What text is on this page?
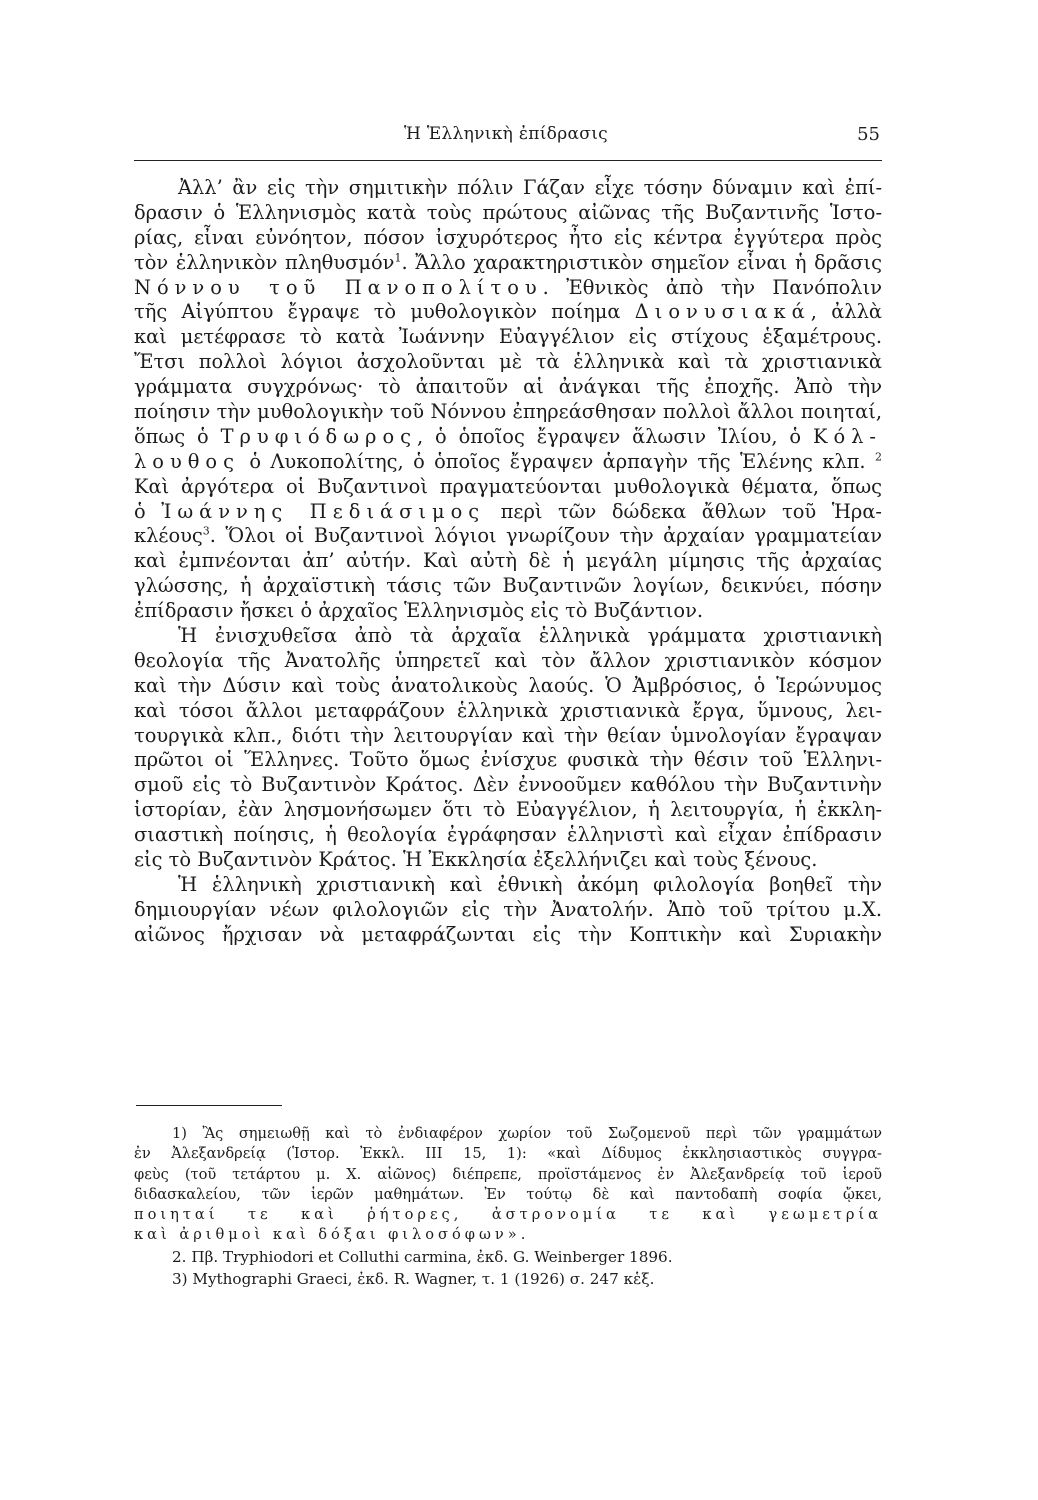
Ἡ Ἑλληνικὴ ἐπίδρασις	55
Ἀλλ’ ἂν εἰς τὴν σημιτικὴν πόλιν Γάζαν εἶχε τόσην δύναμιν καὶ ἐπί-
δρασιν ὁ Ἑλληνισμὸς κατὰ τοὺς πρώτους αἰῶνας τῆς Βυζαντινῆς Ἱστο-
ρίας, εἶναι εὐνόητον, πόσον ἰσχυρότερος ἦτο εἰς κέντρα ἐγγύτερα πρὸς
τὸν ἑλληνικὸν πληθυσμόν$^1$. Ἄλλο χαρακτηριστικὸν σημεῖον εἶναι ἡ δρᾶσις
Νόννου τοῦ Πανοπολίτου. Ἐθνικὸς ἀπὸ τὴν Πανόπολιν
τῆς Αἰγύπτου ἔγραψε τὸ μυθολογικὸν ποίημα Διονυσιακά, ἀλλὰ
καὶ μετέφρασε τὸ κατὰ Ἰωάννην Εὐαγγέλιον εἰς στίχους ἑξαμέτρους.
Ἔτσι πολλοὶ λόγιοι ἀσχολοῦνται μὲ τὰ ἑλληνικὰ καὶ τὰ χριστιανικὰ
γράμματα συγχρόνως· τὸ ἀπαιτοῦν αἱ ἀνάγκαι τῆς ἐποχῆς. Ἀπὸ τὴν
ποίησιν τὴν μυθολογικὴν τοῦ Νόννου ἐπηρεάσθησαν πολλοὶ ἄλλοι ποιηταί,
ὅπως ὁ Τρυφιόδωρος, ὁ ὁποῖος ἔγραψεν ἅλωσιν Ἰλίου, ὁ Κόλ-
λουθος ὁ Λυκοπολίτης, ὁ ὁποῖος ἔγραψεν ἁρπαγὴν τῆς Ἑλένης κλπ. $^2$
Καὶ ἀργότερα οἱ Βυζαντινοὶ πραγματεύονται μυθολογικὰ θέματα, ὅπως
ὁ Ἰωάννης Πεδιάσιμος περὶ τῶν δώδεκα ἄθλων τοῦ Ἡρα-
κλέους$^3$. Ὅλοι οἱ Βυζαντινοὶ λόγιοι γνωρίζουν τὴν ἀρχαίαν γραμματείαν
καὶ ἐμπνέονται ἀπ’ αὐτήν. Καὶ αὐτὴ δὲ ἡ μεγάλη μίμησις τῆς ἀρχαίας
γλώσσης, ἡ ἀρχαϊστικὴ τάσις τῶν Βυζαντινῶν λογίων, δεικνύει, πόσην
ἐπίδρασιν ἤσκει ὁ ἀρχαῖος Ἑλληνισμὸς εἰς τὸ Βυζάντιον.
Ἡ ἐνισχυθεῖσα ἀπὸ τὰ ἀρχαῖα ἑλληνικὰ γράμματα χριστιανικὴ
θεολογία τῆς Ἀνατολῆς ὑπηρετεῖ καὶ τὸν ἄλλον χριστιανικὸν κόσμον
καὶ τὴν Δύσιν καὶ τοὺς ἀνατολικοὺς λαούς. Ὁ Ἀμβρόσιος, ὁ Ἱερώνυμος
καὶ τόσοι ἄλλοι μεταφράζουν ἑλληνικὰ χριστιανικὰ ἔργα, ὕμνους, λει-
τουργικὰ κλπ., διότι τὴν λειτουργίαν καὶ τὴν θείαν ὑμνολογίαν ἔγραψαν
πρῶτοι οἱ Ἕλληνες. Τοῦτο ὅμως ἐνίσχυε φυσικὰ τὴν θέσιν τοῦ Ἑλληνι-
σμοῦ εἰς τὸ Βυζαντινὸν Κράτος. Δὲν ἐννοοῦμεν καθόλου τὴν Βυζαντινὴν
ἱστορίαν, ἐὰν λησμονήσωμεν ὅτι τὸ Εὐαγγέλιον, ἡ λειτουργία, ἡ ἐκκλη-
σιαστικὴ ποίησις, ἡ θεολογία ἐγράφησαν ἑλληνιστὶ καὶ εἶχαν ἐπίδρασιν
εἰς τὸ Βυζαντινὸν Κράτος. Ἡ Ἐκκλησία ἐξελλήνιζει καὶ τοὺς ξένους.
Ἡ ἑλληνικὴ χριστιανικὴ καὶ ἐθνικὴ ἀκόμη φιλολογία βοηθεῖ τὴν
δημιουργίαν νέων φιλολογιῶν εἰς τὴν Ἀνατολήν. Ἀπὸ τοῦ τρίτου μ.Χ.
αἰῶνος ἤρχισαν νὰ μεταφράζωνται εἰς τὴν Κοπτικὴν καὶ Συριακὴν
1) Ἂς σημειωθῇ καὶ τὸ ἐνδιαφέρον χωρίον τοῦ Σωζομενοῦ περὶ τῶν γραμμάτων
ἐν Ἀλεξανδρείᾳ (Ἱστορ. Ἐκκλ. III 15, 1): «καὶ Δίδυμος ἐκκλησιαστικὸς συγγρα-
φεὺς (τοῦ τετάρτου μ. Χ. αἰῶνος) διέπρεπε, προϊστάμενος ἐν Ἀλεξανδρείᾳ τοῦ ἱεροῦ
διδασκαλείου, τῶν ἱερῶν μαθημάτων. Ἐν τούτῳ δὲ καὶ παντοδαπὴ σοφία ᾤκει,
ποιηταί τε καὶ ῥήτορες, ἀστρονομία τε καὶ γεωμετρία
καὶ ἀριθμοὶ καὶ δόξαι φιλοσόφων».
2. Πβ. Tryphiodori et Colluthi carmina, ἐκδ. G. Weinberger 1896.
3) Mythographi Graeci, ἐκδ. R. Wagner, τ. 1 (1926) σ. 247 κἑξ.
